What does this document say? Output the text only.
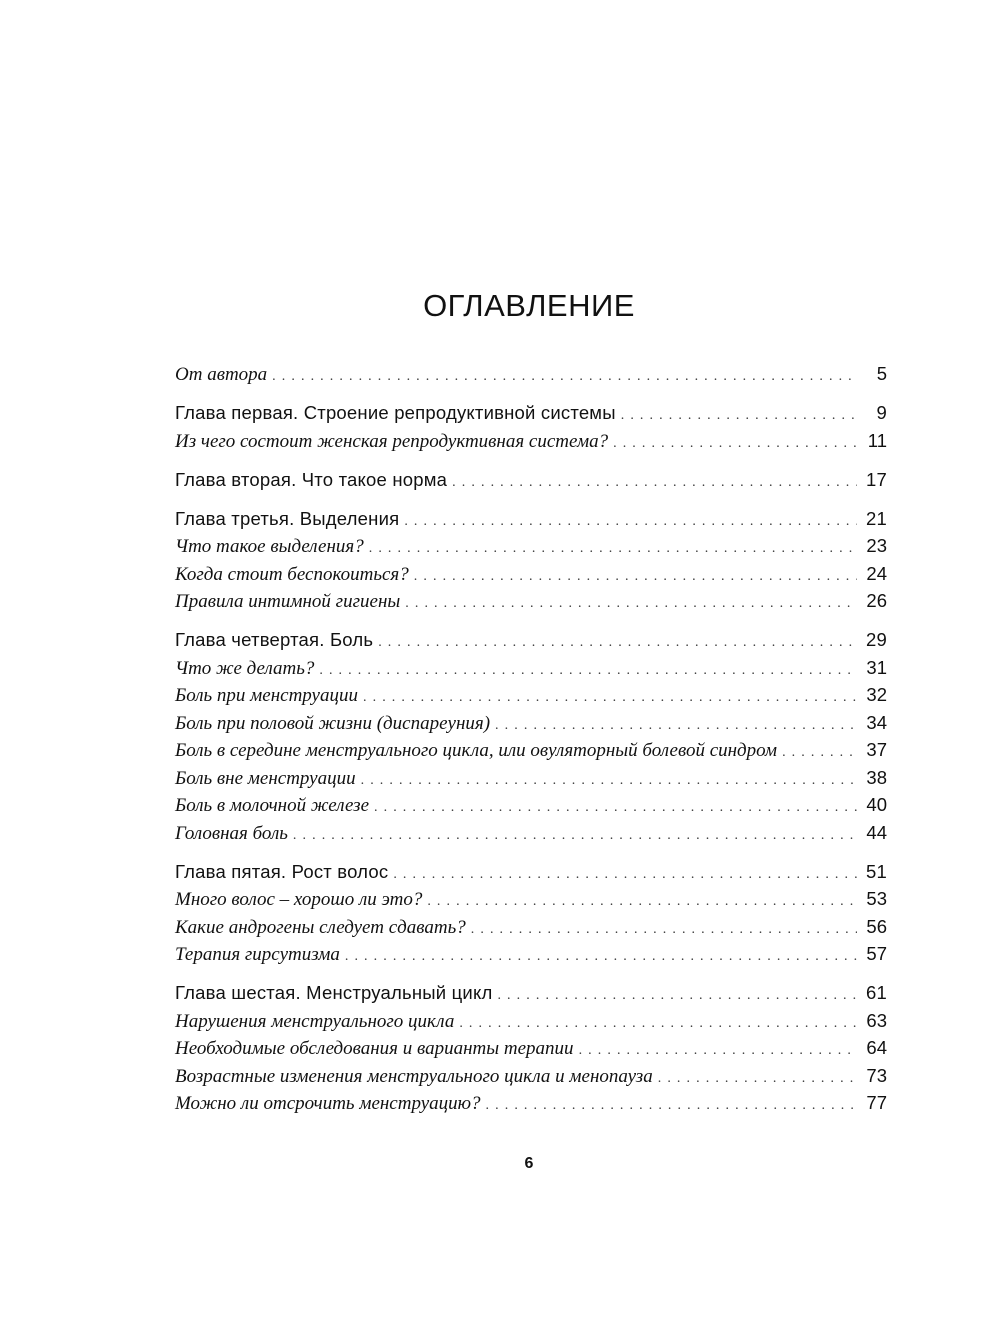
ОГЛАВЛЕНИЕ
От автора . . .	5
Глава первая. Строение репродуктивной системы . . .	9
Из чего состоит женская репродуктивная система? . . .	11
Глава вторая. Что такое норма . . .	17
Глава третья. Выделения . . .	21
Что такое выделения? . . .	23
Когда стоит беспокоиться? . . .	24
Правила интимной гигиены . . .	26
Глава четвертая. Боль . . .	29
Что же делать? . . .	31
Боль при менструации . . .	32
Боль при половой жизни (диспареуния) . . .	34
Боль в середине менструального цикла, или овуляторный болевой синдром . . .	37
Боль вне менструации . . .	38
Боль в молочной железе . . .	40
Головная боль . . .	44
Глава пятая. Рост волос . . .	51
Много волос – хорошо ли это? . . .	53
Какие андрогены следует сдавать? . . .	56
Терапия гирсутизма . . .	57
Глава шестая. Менструальный цикл . . .	61
Нарушения менструального цикла . . .	63
Необходимые обследования и варианты терапии . . .	64
Возрастные изменения менструального цикла и менопауза . . .	73
Можно ли отсрочить менструацию? . . .	77
6
